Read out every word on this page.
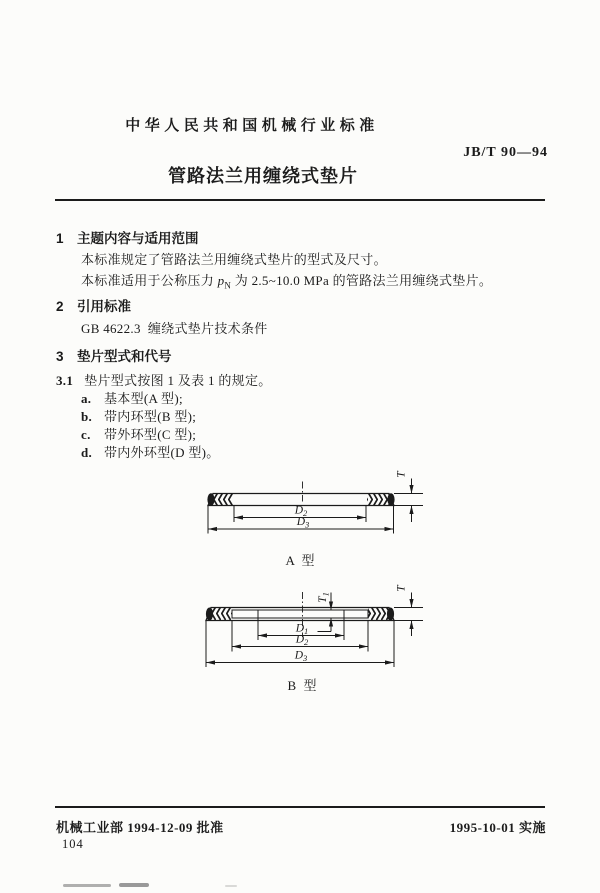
中华人民共和国机械行业标准
JB/T 90—94
管路法兰用缠绕式垫片
1 主题内容与适用范围
本标准规定了管路法兰用缠绕式垫片的型式及尺寸。
本标准适用于公称压力 $p_N$ 为 2.5~10.0 MPa 的管路法兰用缠绕式垫片。
2 引用标准
GB 4622.3  缠绕式垫片技术条件
3 垫片型式和代号
3.1 垫片型式按图 1 及表 1 的规定。
a. 基本型(A 型);
b. 带内环型(B 型);
c. 带外环型(C 型);
d. 带内外环型(D 型)。
$D_2$
$D_3$
T
A 型
$T_1$
$D_1$
$D_2$
$D_3$
T
B 型
机械工业部 1994-12-09 批准	1995-10-01 实施
104
